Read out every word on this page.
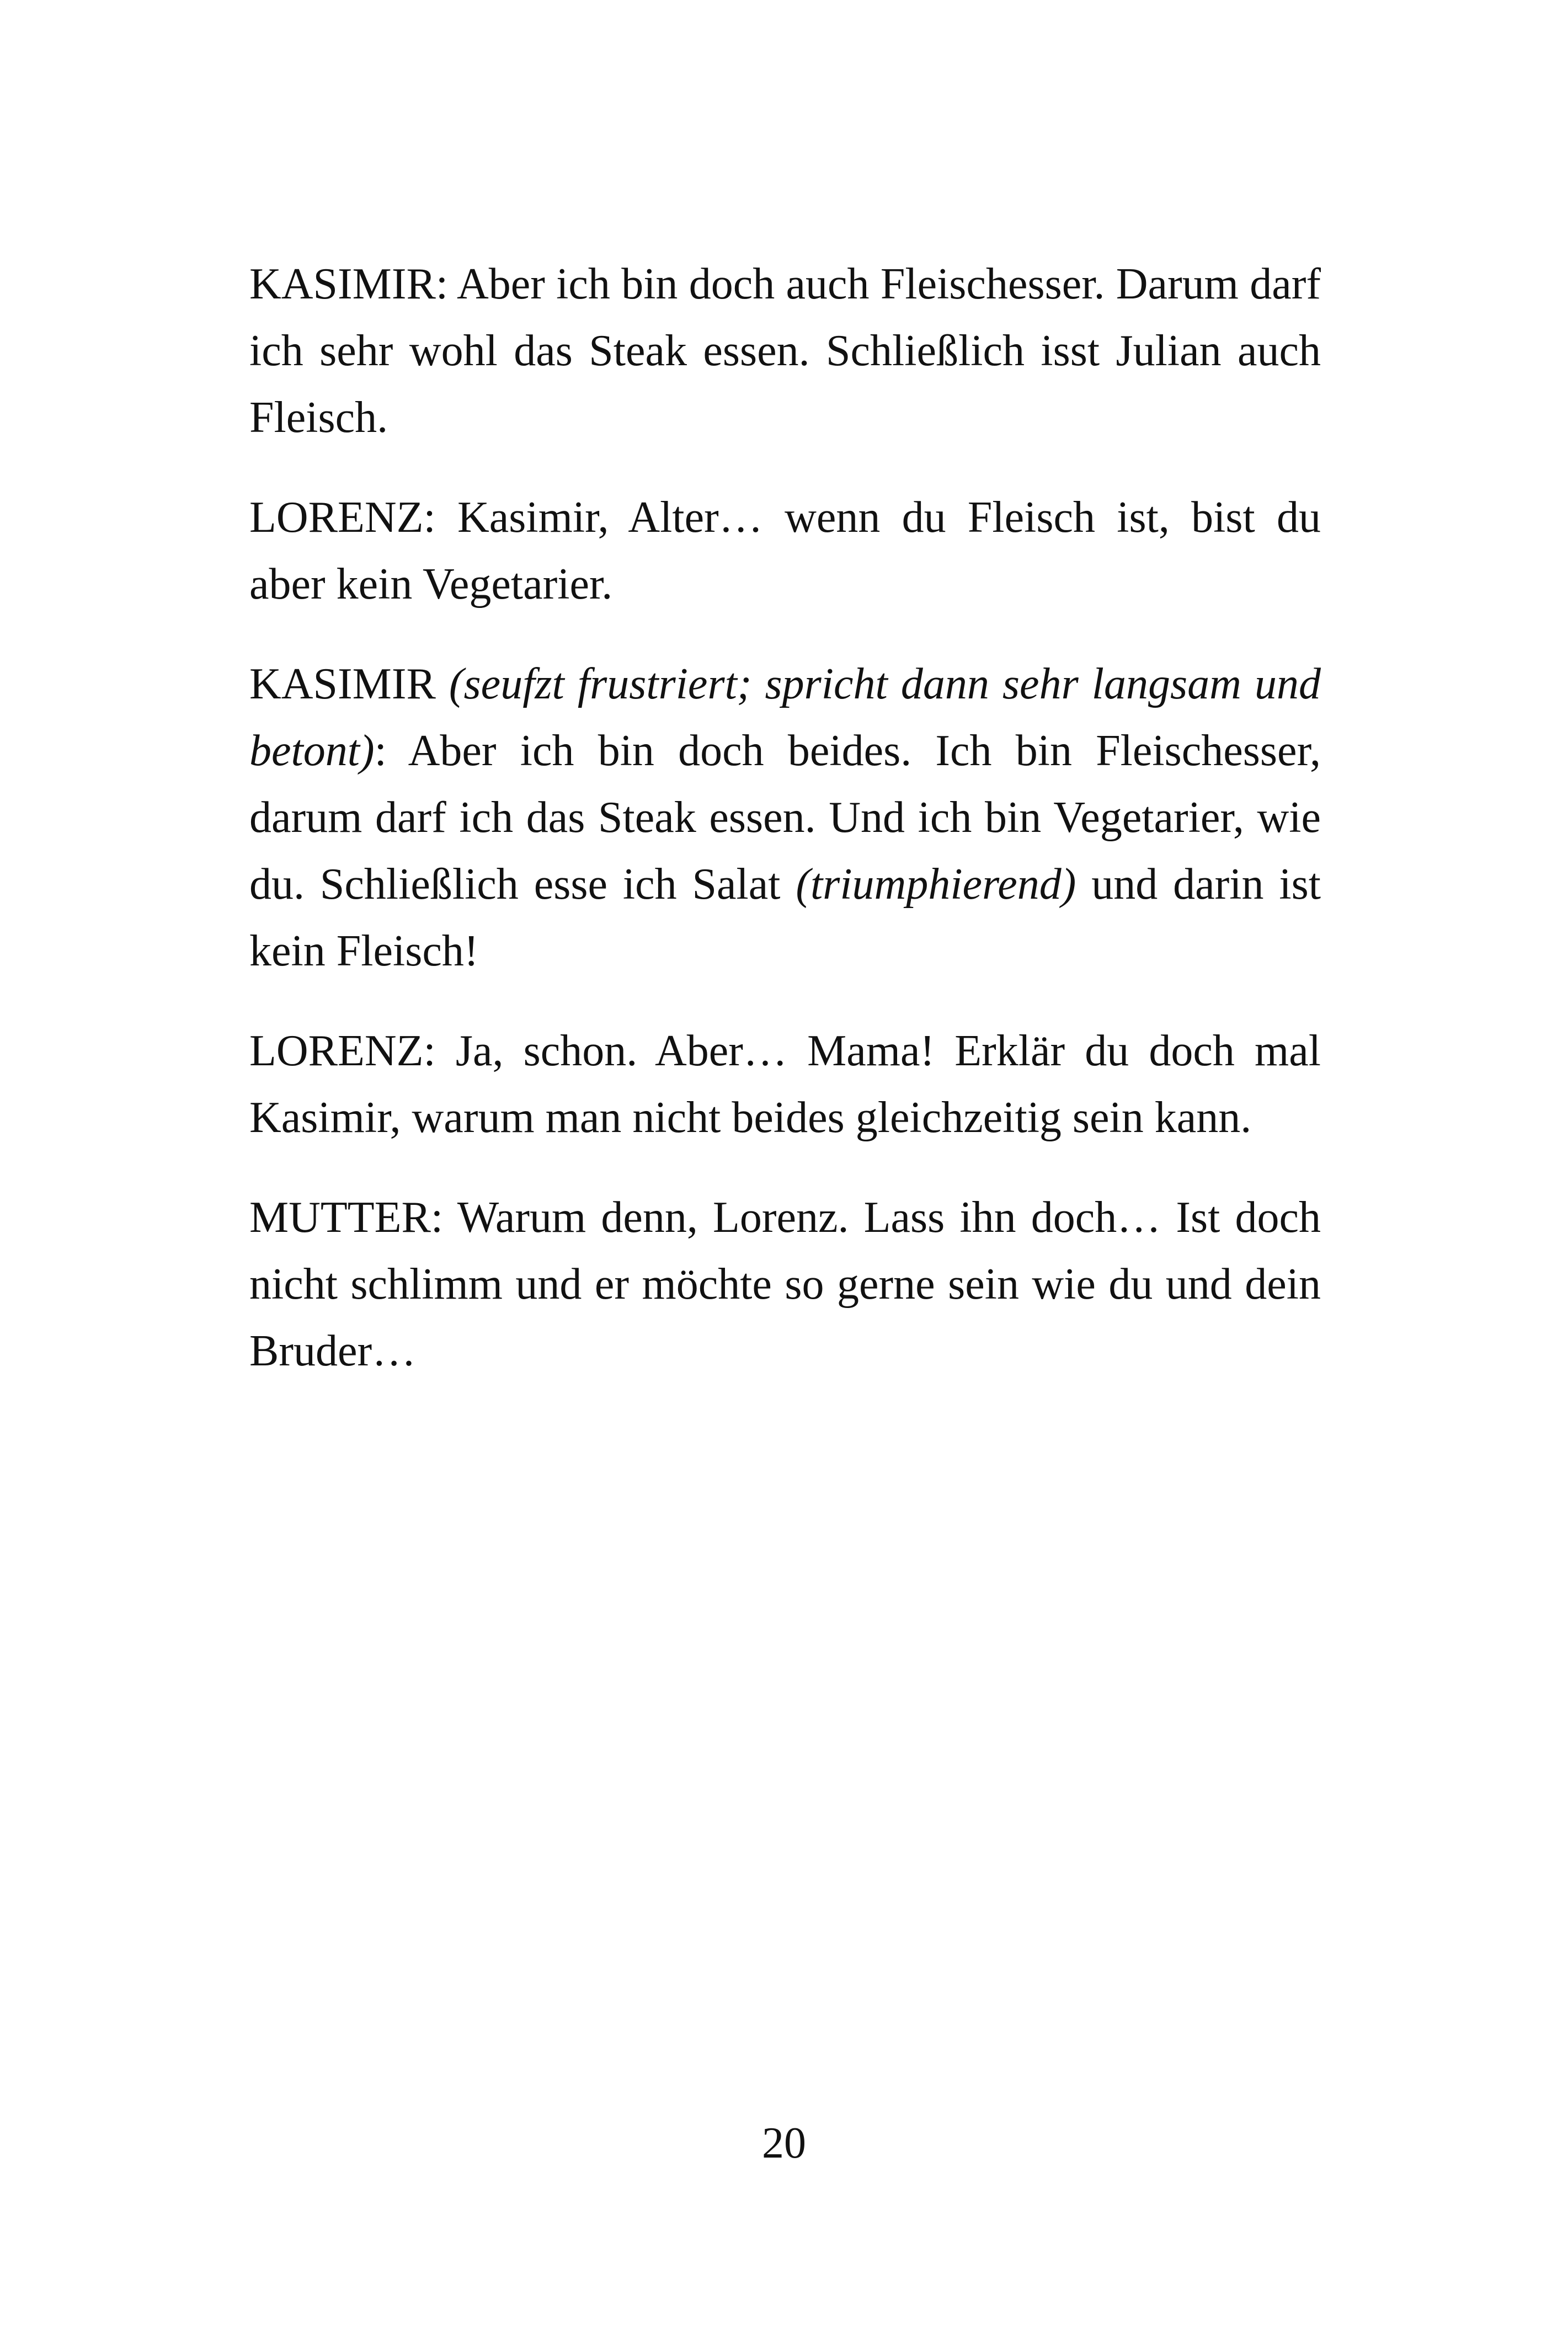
KASIMIR: Aber ich bin doch auch Fleischesser. Darum darf ich sehr wohl das Steak essen. Schließlich isst Julian auch Fleisch.

LORENZ: Kasimir, Alter… wenn du Fleisch ist, bist du aber kein Vegetarier.

KASIMIR (seufzt frustriert; spricht dann sehr langsam und betont): Aber ich bin doch beides. Ich bin Fleischesser, darum darf ich das Steak essen. Und ich bin Vegetarier, wie du. Schließlich esse ich Salat (triumphierend) und darin ist kein Fleisch!

LORENZ: Ja, schon. Aber… Mama! Erklär du doch mal Kasimir, warum man nicht beides gleichzeitig sein kann.

MUTTER: Warum denn, Lorenz. Lass ihn doch… Ist doch nicht schlimm und er möchte so gerne sein wie du und dein Bruder…

20
